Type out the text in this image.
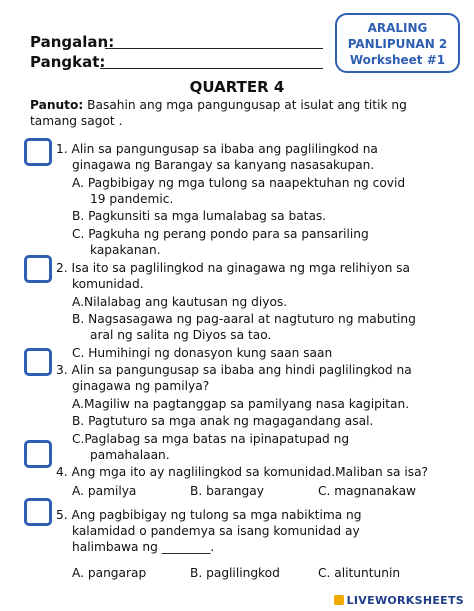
Pangalan:
Pangkat:
ARALING
PANLIPUNAN 2
Worksheet #1
QUARTER 4
Panuto: Basahin ang mga pangungusap at isulat ang titik ng tamang sagot .
1. Alin sa pangungusap sa ibaba ang paglilingkod na
ginagawa ng Barangay sa kanyang nasasakupan.
A. Pagbibigay ng mga tulong sa naapektuhan ng covid
19 pandemic.
B. Pagkunsiti sa mga lumalabag sa batas.
C. Pagkuha ng perang pondo para sa pansariling
kapakanan.
2. Isa ito sa paglilingkod na ginagawa ng mga relihiyon sa
komunidad.
A.Nilalabag ang kautusan ng diyos.
B. Nagsasagawa ng pag-aaral at nagtuturo ng mabuting
aral ng salita ng Diyos sa tao.
C. Humihingi ng donasyon kung saan saan
3. Alin sa pangungusap sa ibaba ang hindi paglilingkod na
ginagawa ng pamilya?
A.Magiliw na pagtanggap sa pamilyang nasa kagipitan.
B. Pagtuturo sa mga anak ng magagandang asal.
C.Paglabag sa mga batas na ipinapatupad ng
pamahalaan.
4. Ang mga ito ay naglilingkod sa komunidad.Maliban sa isa?
A. pamilya	B. barangay	C. magnanakaw
5. Ang pagbibigay ng tulong sa mga nabiktima ng
kalamidad o pandemya sa isang komunidad ay
halimbawa ng ________.
A. pangarap	B. paglilingkod	C. alituntunin
LIVEWORKSHEETS
